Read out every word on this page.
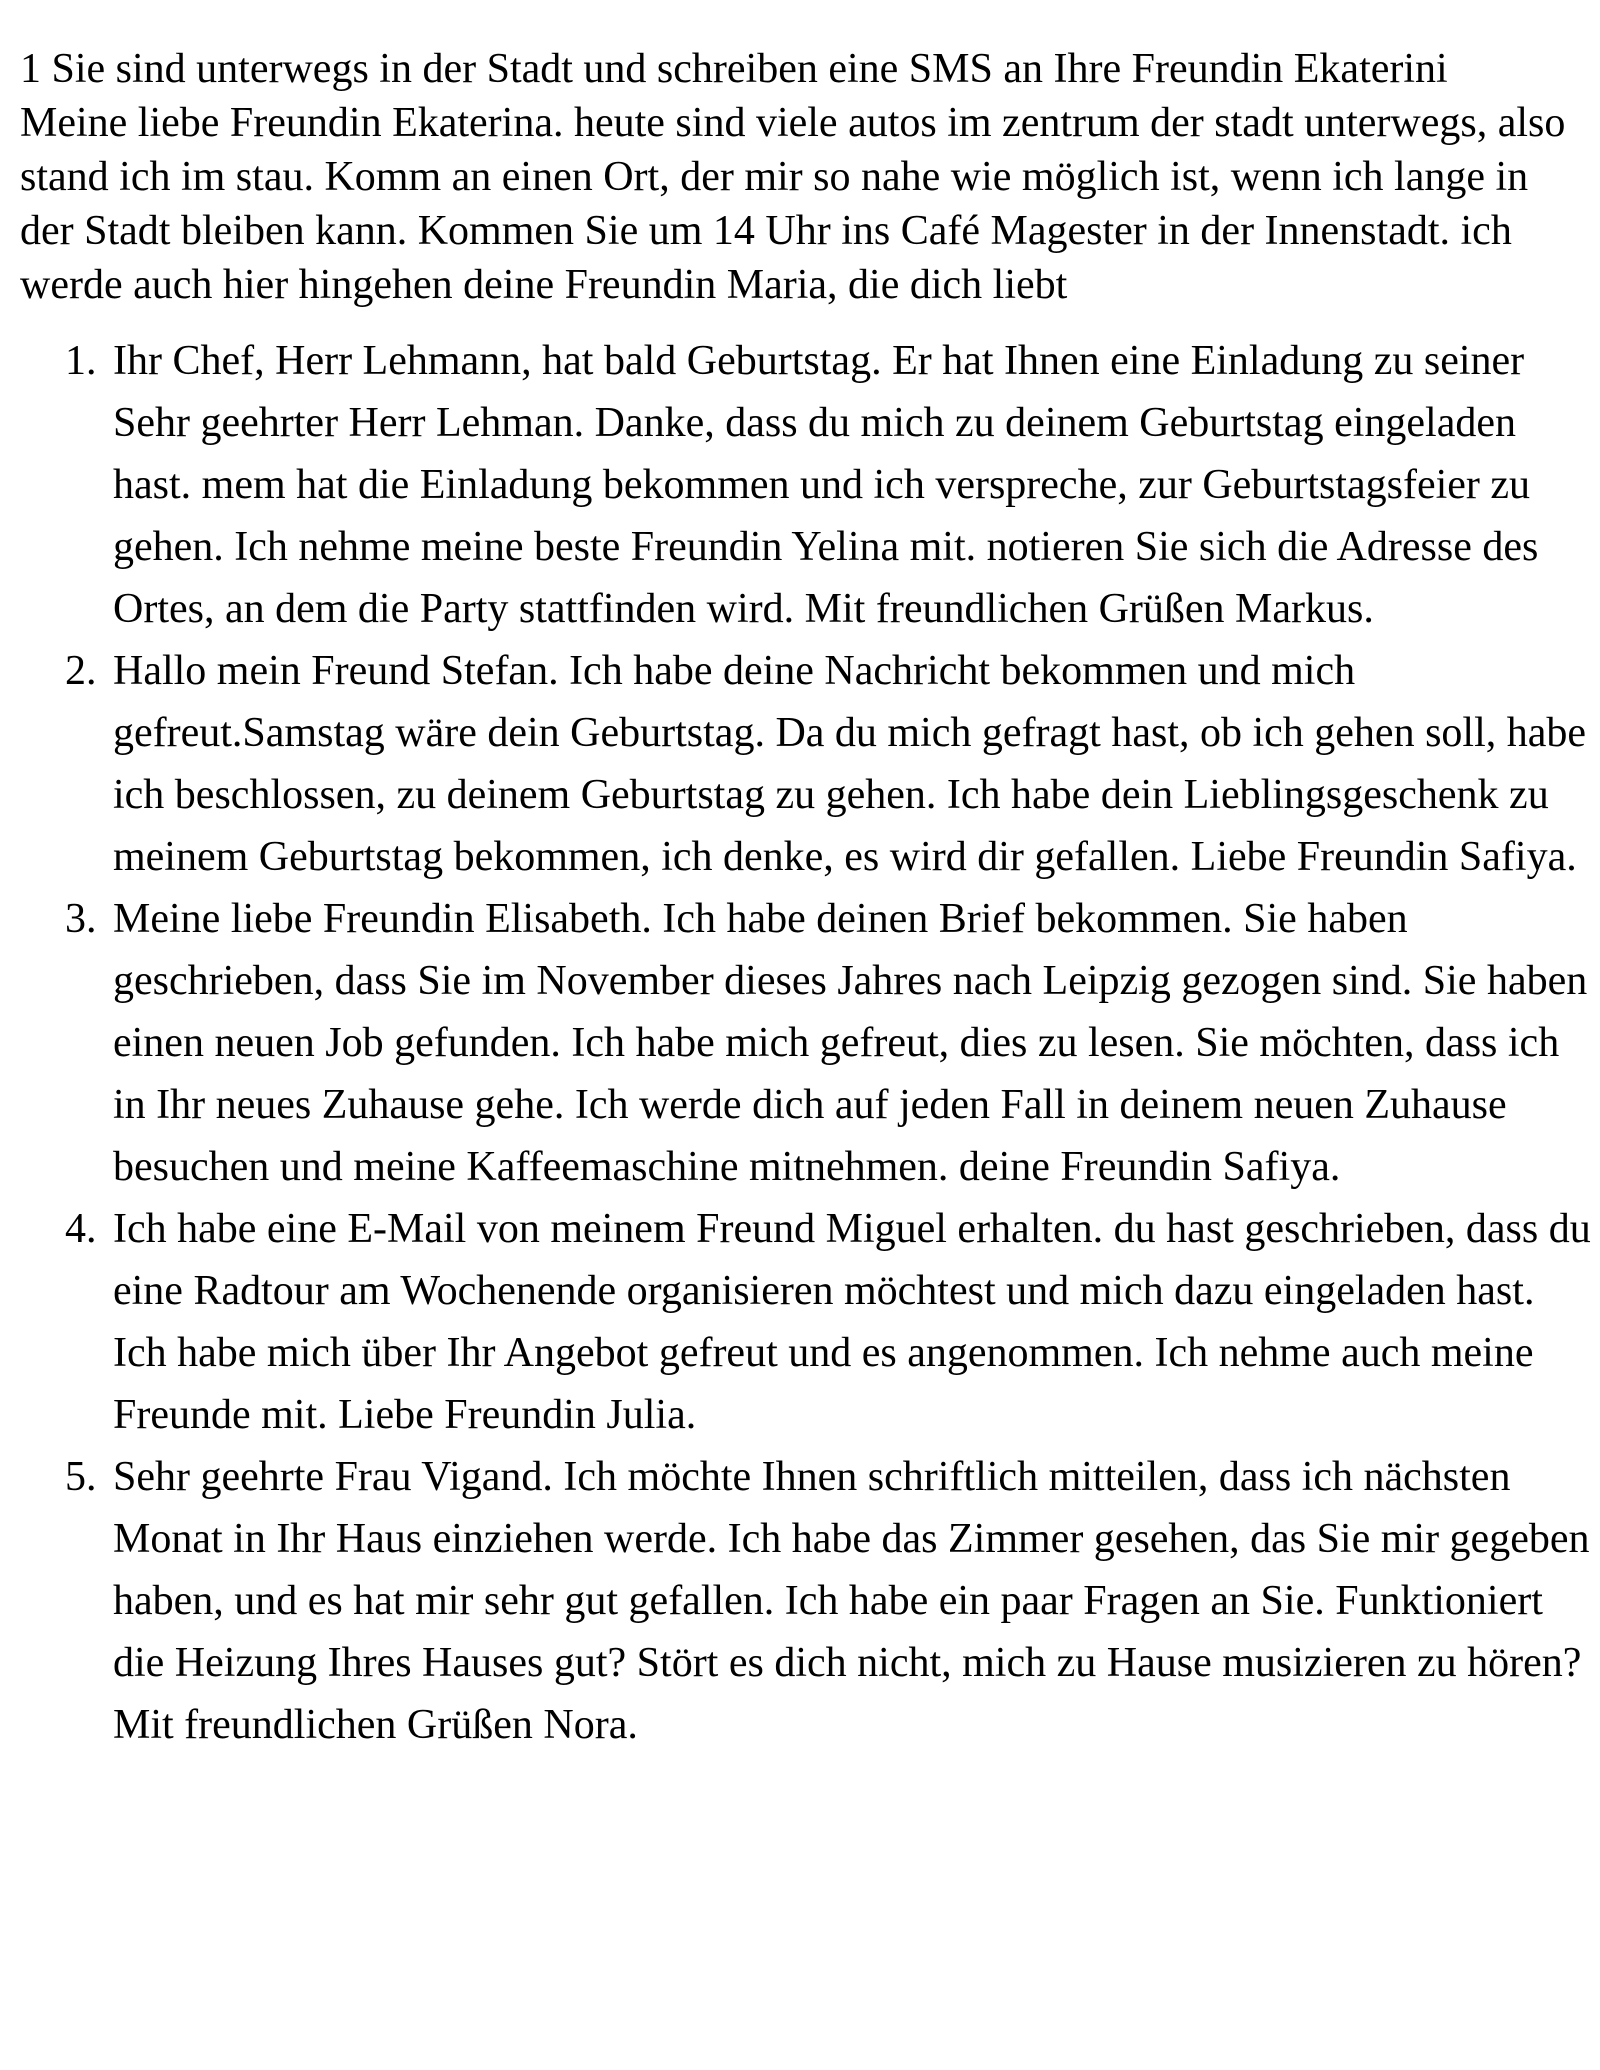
1 Sie sind unterwegs in der Stadt und schreiben eine SMS an Ihre Freundin EkateriniMeine liebe Freundin Ekaterina. heute sind viele autos im zentrum der stadt unterwegs, also stand ich im stau. Komm an einen Ort, der mir so nahe wie möglich ist, wenn ich lange in der Stadt bleiben kann. Kommen Sie um 14 Uhr ins Café Magester in der Innenstadt. ich werde auch hier hingehen deine Freundin Maria, die dich liebt

1. Ihr Chef, Herr Lehmann, hat bald Geburtstag. Er hat Ihnen eine Einladung zu seiner Sehr geehrter Herr Lehman. Danke, dass du mich zu deinem Geburtstag eingeladen hast. mem hat die Einladung bekommen und ich verspreche, zur Geburtstagsfeier zu gehen. Ich nehme meine beste Freundin Yelina mit. notieren Sie sich die Adresse des Ortes, an dem die Party stattfinden wird. Mit freundlichen Grüßen Markus.
2. Hallo mein Freund Stefan. Ich habe deine Nachricht bekommen und mich gefreut.Samstag wäre dein Geburtstag. Da du mich gefragt hast, ob ich gehen soll, habe ich beschlossen, zu deinem Geburtstag zu gehen. Ich habe dein Lieblingsgeschenk zu meinem Geburtstag bekommen, ich denke, es wird dir gefallen. Liebe Freundin Safiya.
3. Meine liebe Freundin Elisabeth. Ich habe deinen Brief bekommen. Sie haben geschrieben, dass Sie im November dieses Jahres nach Leipzig gezogen sind. Sie haben einen neuen Job gefunden. Ich habe mich gefreut, dies zu lesen. Sie möchten, dass ich in Ihr neues Zuhause gehe. Ich werde dich auf jeden Fall in deinem neuen Zuhause besuchen und meine Kaffeemaschine mitnehmen. deine Freundin Safiya.
4. Ich habe eine E-Mail von meinem Freund Miguel erhalten. du hast geschrieben, dass du eine Radtour am Wochenende organisieren möchtest und mich dazu eingeladen hast. Ich habe mich über Ihr Angebot gefreut und es angenommen. Ich nehme auch meine Freunde mit. Liebe Freundin Julia.
5. Sehr geehrte Frau Vigand. Ich möchte Ihnen schriftlich mitteilen, dass ich nächsten Monat in Ihr Haus einziehen werde. Ich habe das Zimmer gesehen, das Sie mir gegeben haben, und es hat mir sehr gut gefallen. Ich habe ein paar Fragen an Sie. Funktioniert die Heizung Ihres Hauses gut? Stört es dich nicht, mich zu Hause musizieren zu hören? Mit freundlichen Grüßen Nora.
